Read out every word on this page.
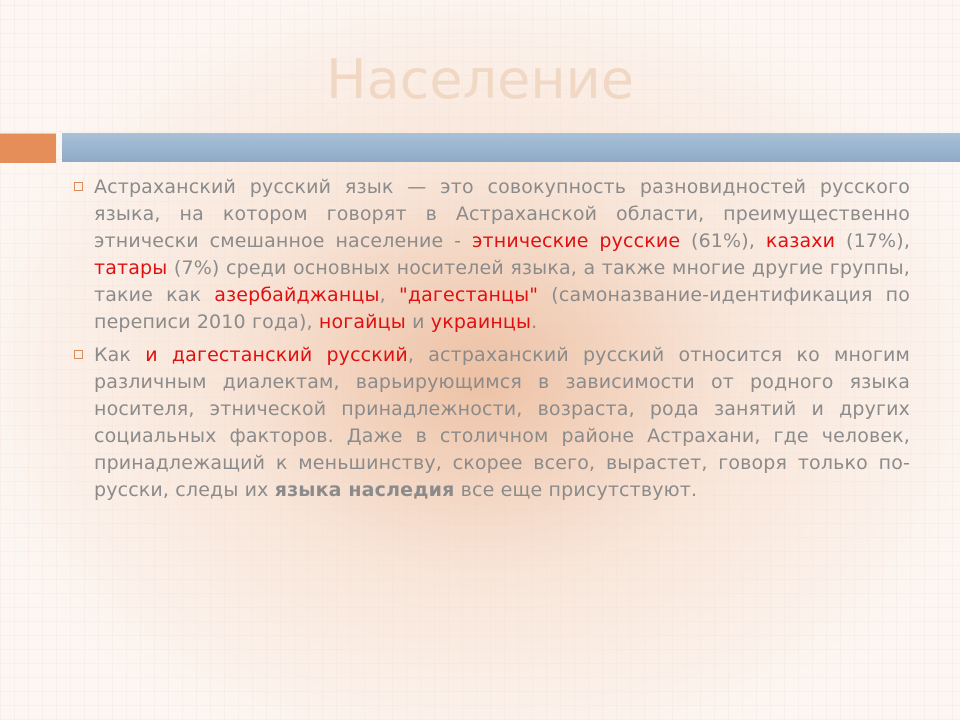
Население
Астраханский русский язык — это совокупность разновидностей русского языка, на котором говорят в Астраханской области, преимущественно этнически смешанное население - этнические русские (61%), казахи (17%), татары (7%) среди основных носителей языка, а также многие другие группы, такие как азербайджанцы, "дагестанцы" (самоназвание-идентификация по переписи 2010 года), ногайцы и украинцы.
Как и дагестанский русский, астраханский русский относится ко многим различным диалектам, варьирующимся в зависимости от родного языка носителя, этнической принадлежности, возраста, рода занятий и других социальных факторов. Даже в столичном районе Астрахани, где человек, принадлежащий к меньшинству, скорее всего, вырастет, говоря только по-русски, следы их языка наследия все еще присутствуют.
